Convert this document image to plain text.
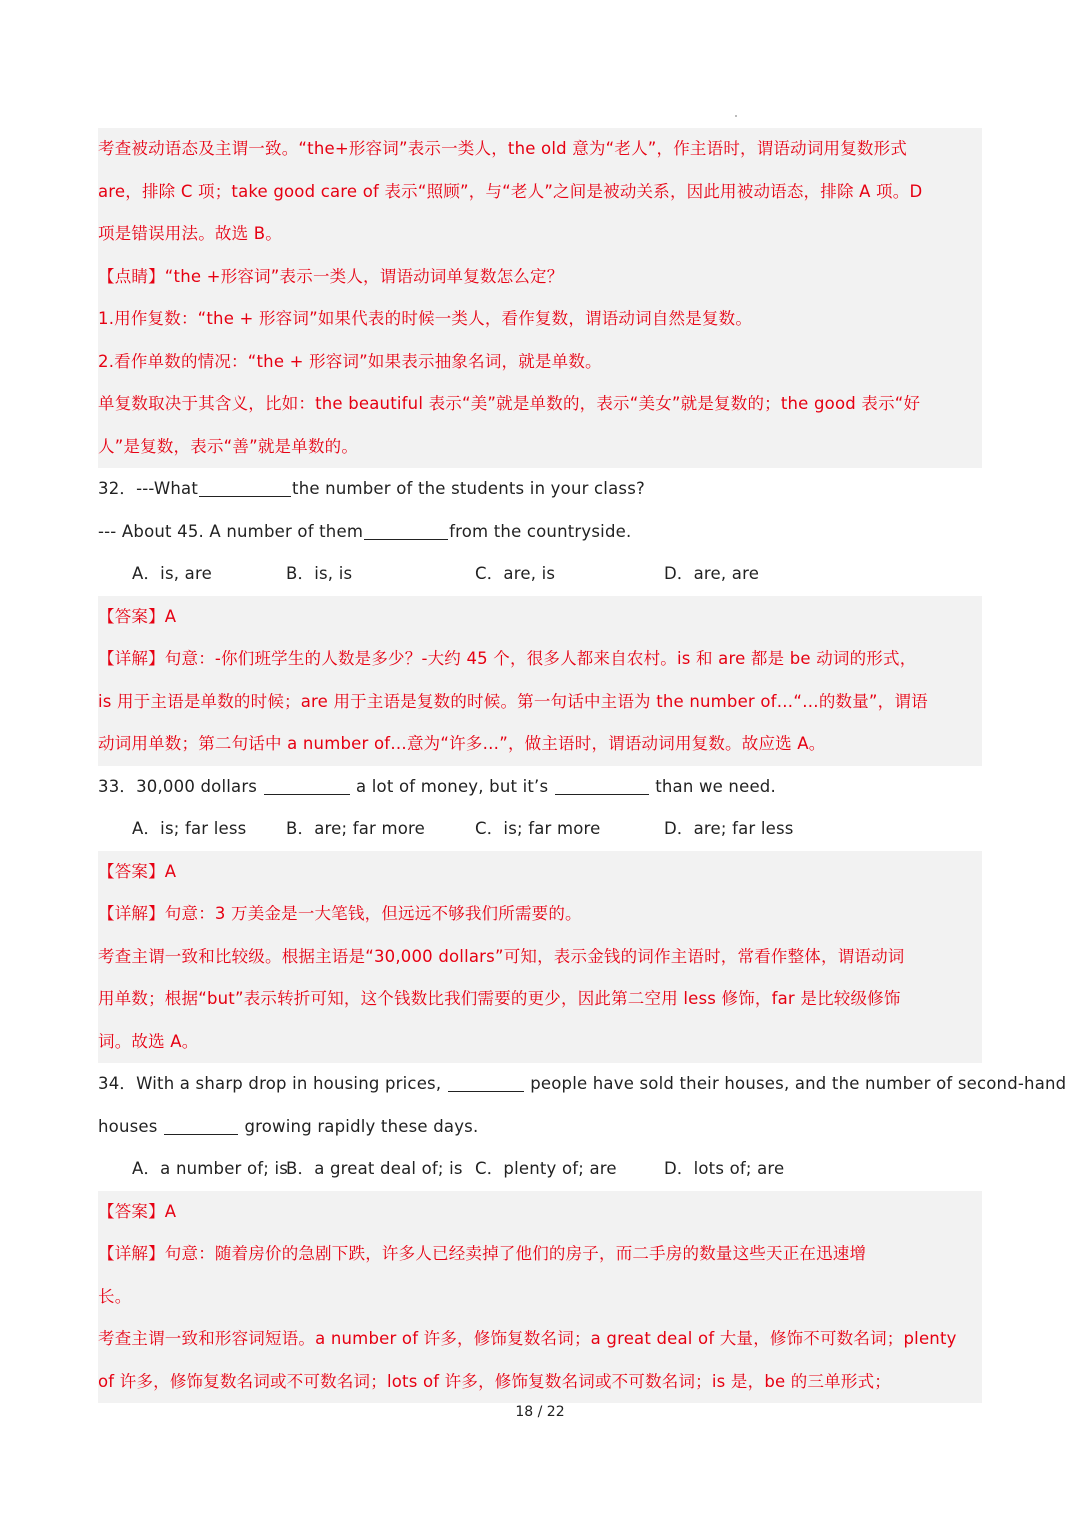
考查被动语态及主谓一致。“the+形容词”表示一类人，the old 意为“老人”，作主语时，谓语动词用复数形式
are，排除 C 项；take good care of 表示“照顾”，与“老人”之间是被动关系，因此用被动语态，排除 A 项。D
项是错误用法。故选 B。
【点睛】“the +形容词”表示一类人，谓语动词单复数怎么定？
1.用作复数：“the + 形容词”如果代表的时候一类人，看作复数，谓语动词自然是复数。
2.看作单数的情况：“the + 形容词”如果表示抽象名词，就是单数。
单复数取决于其含义，比如：the beautiful 表示“美”就是单数的，表示“美女”就是复数的；the good 表示“好
人”是复数，表示“善”就是单数的。
32．---What	the number of the students in your class?
--- About 45. A number of them	from the countryside.
A．is, are	B．is, is	C．are, is	D．are, are
【答案】A
【详解】句意：-你们班学生的人数是多少？-大约 45 个，很多人都来自农村。is 和 are 都是 be 动词的形式，
is 用于主语是单数的时候；are 用于主语是复数的时候。第一句话中主语为 the number of…“…的数量”，谓语
动词用单数；第二句话中 a number of…意为“许多…”，做主语时，谓语动词用复数。故应选 A。
33．30,000 dollars	a lot of money, but it’s	than we need.
A．is; far less	B．are; far more	C．is; far more	D．are; far less
【答案】A
【详解】句意：3 万美金是一大笔钱，但远远不够我们所需要的。
考查主谓一致和比较级。根据主语是“30,000 dollars”可知，表示金钱的词作主语时，常看作整体，谓语动词
用单数；根据“but”表示转折可知，这个钱数比我们需要的更少，因此第二空用 less 修饰，far 是比较级修饰
词。故选 A。
34．With a sharp drop in housing prices,	people have sold their houses, and the number of second-hand
houses	growing rapidly these days.
A．a number of; is
B．a great deal of; is C．plenty of; are	D．lots of; are
【答案】A
【详解】句意：随着房价的急剧下跌，许多人已经卖掉了他们的房子，而二手房的数量这些天正在迅速增
长。
考查主谓一致和形容词短语。a number of 许多，修饰复数名词；a great deal of 大量，修饰不可数名词；plenty
of 许多，修饰复数名词或不可数名词；lots of 许多，修饰复数名词或不可数名词；is 是，be 的三单形式；
18 / 22
